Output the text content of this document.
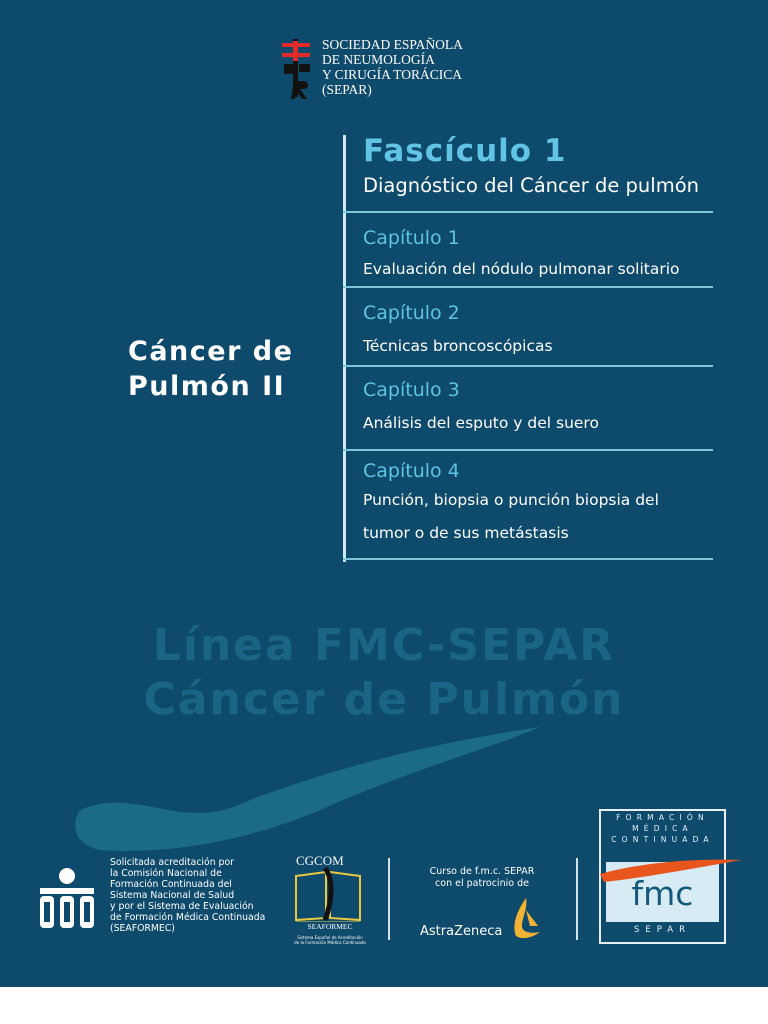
SOCIEDAD ESPAÑOLA
DE NEUMOLOGÍA
Y CIRUGÍA TORÁCICA
(SEPAR)
Fascículo 1
Diagnóstico del Cáncer de pulmón
Capítulo 1
Evaluación del nódulo pulmonar solitario
Capítulo 2
Técnicas broncoscópicas
Capítulo 3
Análisis del esputo y del suero
Capítulo 4
Punción, biopsia o punción biopsia del
tumor o de sus metástasis
Cáncer de
Pulmón II
Línea FMC-SEPAR
Cáncer de Pulmón
Solicitada acreditación por
la Comisión Nacional de
Formación Continuada del
Sistema Nacional de Salud
y por el Sistema de Evaluación
de Formación Médica Continuada
(SEAFORMEC)
CGCOM
SEAFORMEC
Sistema Español de Acreditación
de la Formación Médica Continuada
Curso de f.m.c. SEPAR
con el patrocinio de
AstraZeneca
FORMACIÓN
MÉDICA
CONTINUADA
fmc
SEPAR
